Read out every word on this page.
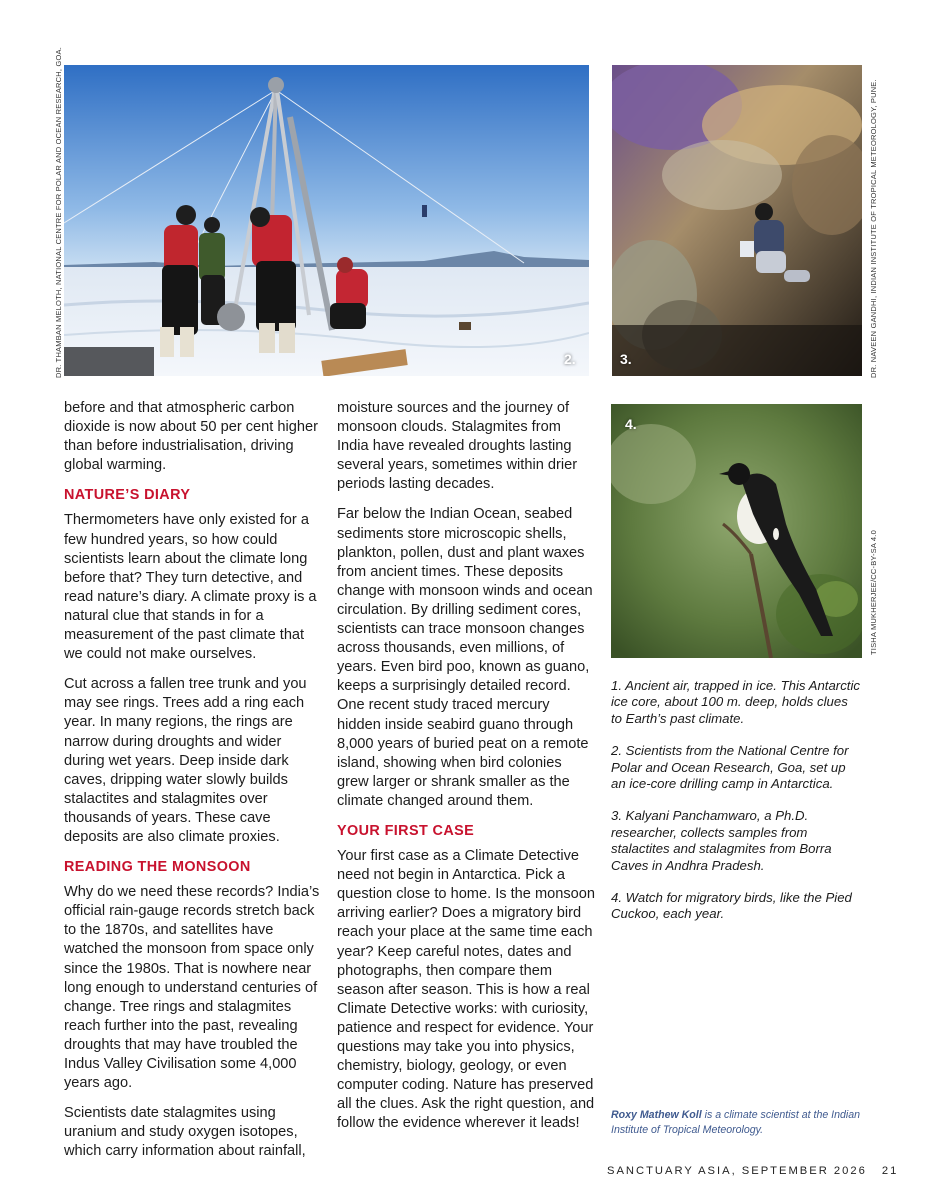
2.
DR. THAMBAN MELOTH, NATIONAL CENTRE FOR POLAR AND OCEAN RESEARCH, GOA.	3.	DR. NAVEEN GANDHI, INDIAN INSTITUTE OF TROPICAL METEOROLOGY, PUNE.
4.
TISHA MUKHERJEE/CC-BY-SA 4.0

before and that atmospheric carbon dioxide is now about 50 per cent higher than before industrialisation, driving global warming.

NATURE’S DIARY

Thermometers have only existed for a few hundred years, so how could scientists learn about the climate long before that? They turn detective, and read nature’s diary. A climate proxy is a natural clue that stands in for a measurement of the past climate that we could not make ourselves.

Cut across a fallen tree trunk and you may see rings. Trees add a ring each year. In many regions, the rings are narrow during droughts and wider during wet years. Deep inside dark caves, dripping water slowly builds stalactites and stalagmites over thousands of years. These cave deposits are also climate proxies.

READING THE MONSOON

Why do we need these records? India’s official rain-gauge records stretch back to the 1870s, and satellites have watched the monsoon from space only since the 1980s. That is nowhere near long enough to understand centuries of change. Tree rings and stalagmites reach further into the past, revealing droughts that may have troubled the Indus Valley Civilisation some 4,000 years ago.

Scientists date stalagmites using uranium and study oxygen isotopes, which carry information about rainfall,

moisture sources and the journey of monsoon clouds. Stalagmites from India have revealed droughts lasting several years, sometimes within drier periods lasting decades.

Far below the Indian Ocean, seabed sediments store microscopic shells, plankton, pollen, dust and plant waxes from ancient times. These deposits change with monsoon winds and ocean circulation. By drilling sediment cores, scientists can trace monsoon changes across thousands, even millions, of years. Even bird poo, known as guano, keeps a surprisingly detailed record. One recent study traced mercury hidden inside seabird guano through 8,000 years of buried peat on a remote island, showing when bird colonies grew larger or shrank smaller as the climate changed around them.

YOUR FIRST CASE

Your first case as a Climate Detective need not begin in Antarctica. Pick a question close to home. Is the monsoon arriving earlier? Does a migratory bird reach your place at the same time each year? Keep careful notes, dates and photographs, then compare them season after season. This is how a real Climate Detective works: with curiosity, patience and respect for evidence. Your questions may take you into physics, chemistry, biology, geology, or even computer coding. Nature has preserved all the clues. Ask the right question, and follow the evidence wherever it leads!

1. Ancient air, trapped in ice. This Antarctic ice core, about 100 m. deep, holds clues to Earth’s past climate.

2. Scientists from the National Centre for Polar and Ocean Research, Goa, set up an ice-core drilling camp in Antarctica.

3. Kalyani Panchamwaro, a Ph.D. researcher, collects samples from stalactites and stalagmites from Borra Caves in Andhra Pradesh.

4. Watch for migratory birds, like the Pied Cuckoo, each year.

Roxy Mathew Koll is a climate scientist at the Indian Institute of Tropical Meteorology.
SANCTUARY ASIA, SEPTEMBER 2026 21
